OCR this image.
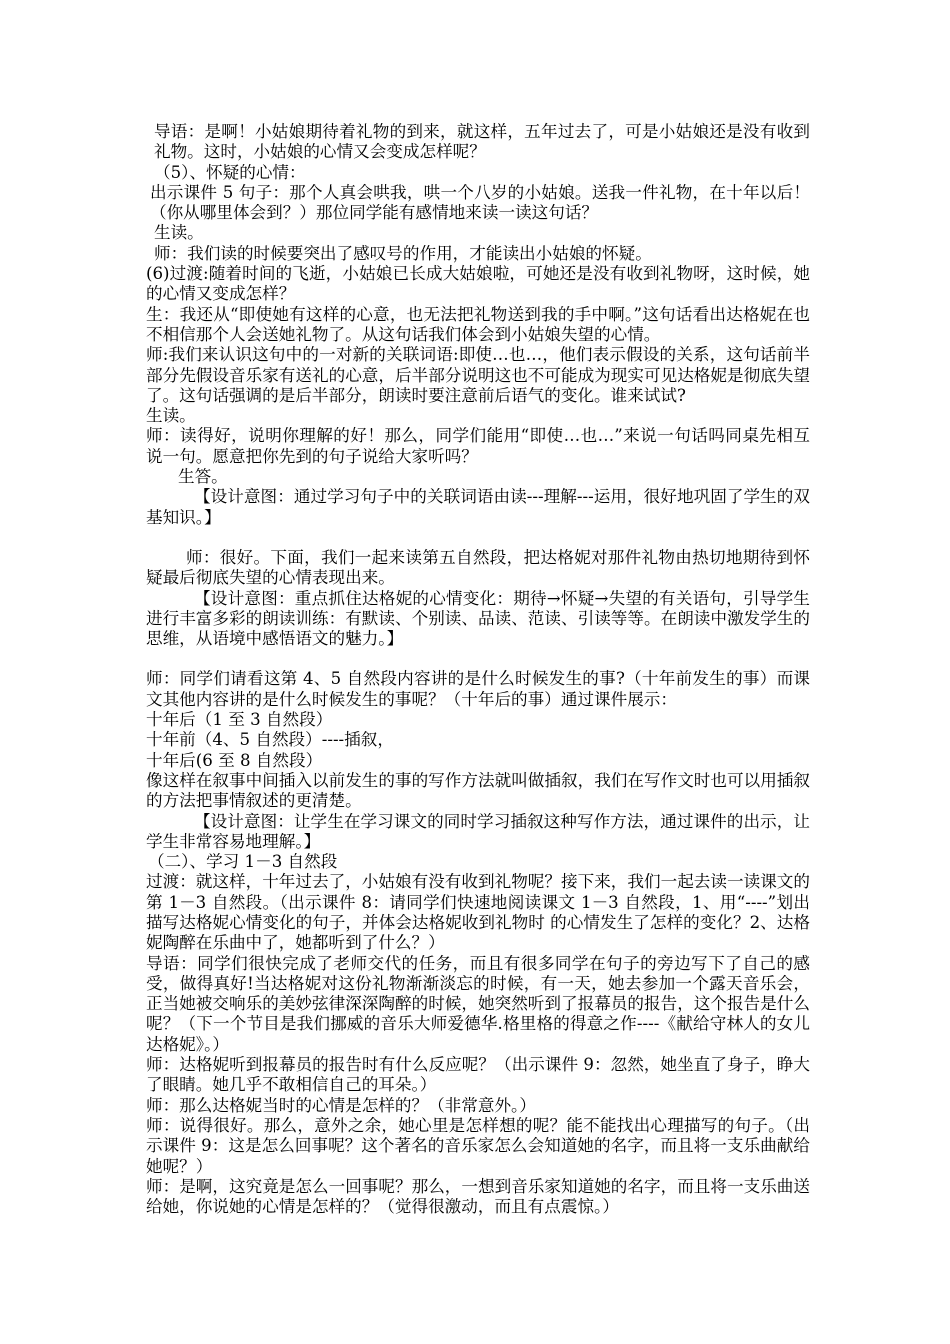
导语：是啊！小姑娘期待着礼物的到来，就这样，五年过去了，可是小姑娘还是没有收到礼物。这时，小姑娘的心情又会变成怎样呢？

（5）、怀疑的心情：

出示课件 5 句子：那个人真会哄我，哄一个八岁的小姑娘。送我一件礼物，在十年以后！（你从哪里体会到？）那位同学能有感情地来读一读这句话？

生读。

师：我们读的时候要突出了感叹号的作用，才能读出小姑娘的怀疑。

(6)过渡:随着时间的飞逝，小姑娘已长成大姑娘啦，可她还是没有收到礼物呀，这时候，她的心情又变成怎样？

生：我还从“即使她有这样的心意，也无法把礼物送到我的手中啊。”这句话看出达格妮在也不相信那个人会送她礼物了。从这句话我们体会到小姑娘失望的心情。

师:我们来认识这句中的一对新的关联词语:即使…也…，他们表示假设的关系，这句话前半部分先假设音乐家有送礼的心意，后半部分说明这也不可能成为现实可见达格妮是彻底失望了。这句话强调的是后半部分，朗读时要注意前后语气的变化。谁来试试?

生读。

师：读得好，说明你理解的好！那么，同学们能用“即使…也…”来说一句话吗同桌先相互说一句。愿意把你先到的句子说给大家听吗？

生答。

【设计意图：通过学习句子中的关联词语由读---理解---运用，很好地巩固了学生的双基知识。】

师：很好。下面，我们一起来读第五自然段，把达格妮对那件礼物由热切地期待到怀疑最后彻底失望的心情表现出来。

【设计意图：重点抓住达格妮的心情变化：期待→怀疑→失望的有关语句，引导学生进行丰富多彩的朗读训练：有默读、个别读、品读、范读、引读等等。在朗读中激发学生的思维，从语境中感悟语文的魅力。】

师：同学们请看这第 4、5 自然段内容讲的是什么时候发生的事?（十年前发生的事）而课文其他内容讲的是什么时候发生的事呢？（十年后的事）通过课件展示：

十年后（1 至 3 自然段）

十年前（4、5 自然段）----插叙，

十年后(6 至 8 自然段）

像这样在叙事中间插入以前发生的事的写作方法就叫做插叙，我们在写作文时也可以用插叙的方法把事情叙述的更清楚。

【设计意图：让学生在学习课文的同时学习插叙这种写作方法，通过课件的出示，让学生非常容易地理解。】

（二）、学习 1－3 自然段

过渡：就这样，十年过去了，小姑娘有没有收到礼物呢？接下来，我们一起去读一读课文的第 1－3 自然段。（出示课件 8：请同学们快速地阅读课文 1－3 自然段，1、用“----”划出描写达格妮心情变化的句子，并体会达格妮收到礼物时 的心情发生了怎样的变化？2、达格妮陶醉在乐曲中了，她都听到了什么？）

导语：同学们很快完成了老师交代的任务，而且有很多同学在句子的旁边写下了自己的感受，做得真好!当达格妮对这份礼物渐渐淡忘的时候，有一天，她去参加一个露天音乐会，正当她被交响乐的美妙弦律深深陶醉的时候，她突然听到了报幕员的报告，这个报告是什么呢？（下一个节目是我们挪威的音乐大师爱德华.格里格的得意之作----《献给守林人的女儿达格妮》。）

师：达格妮听到报幕员的报告时有什么反应呢？（出示课件 9：忽然，她坐直了身子，睁大了眼睛。她几乎不敢相信自己的耳朵。）

师：那么达格妮当时的心情是怎样的？（非常意外。）

师：说得很好。那么，意外之余，她心里是怎样想的呢？能不能找出心理描写的句子。（出示课件 9：这是怎么回事呢？这个著名的音乐家怎么会知道她的名字，而且将一支乐曲献给她呢？）

师：是啊，这究竟是怎么一回事呢？那么，一想到音乐家知道她的名字，而且将一支乐曲送给她，你说她的心情是怎样的？（觉得很激动，而且有点震惊。）
